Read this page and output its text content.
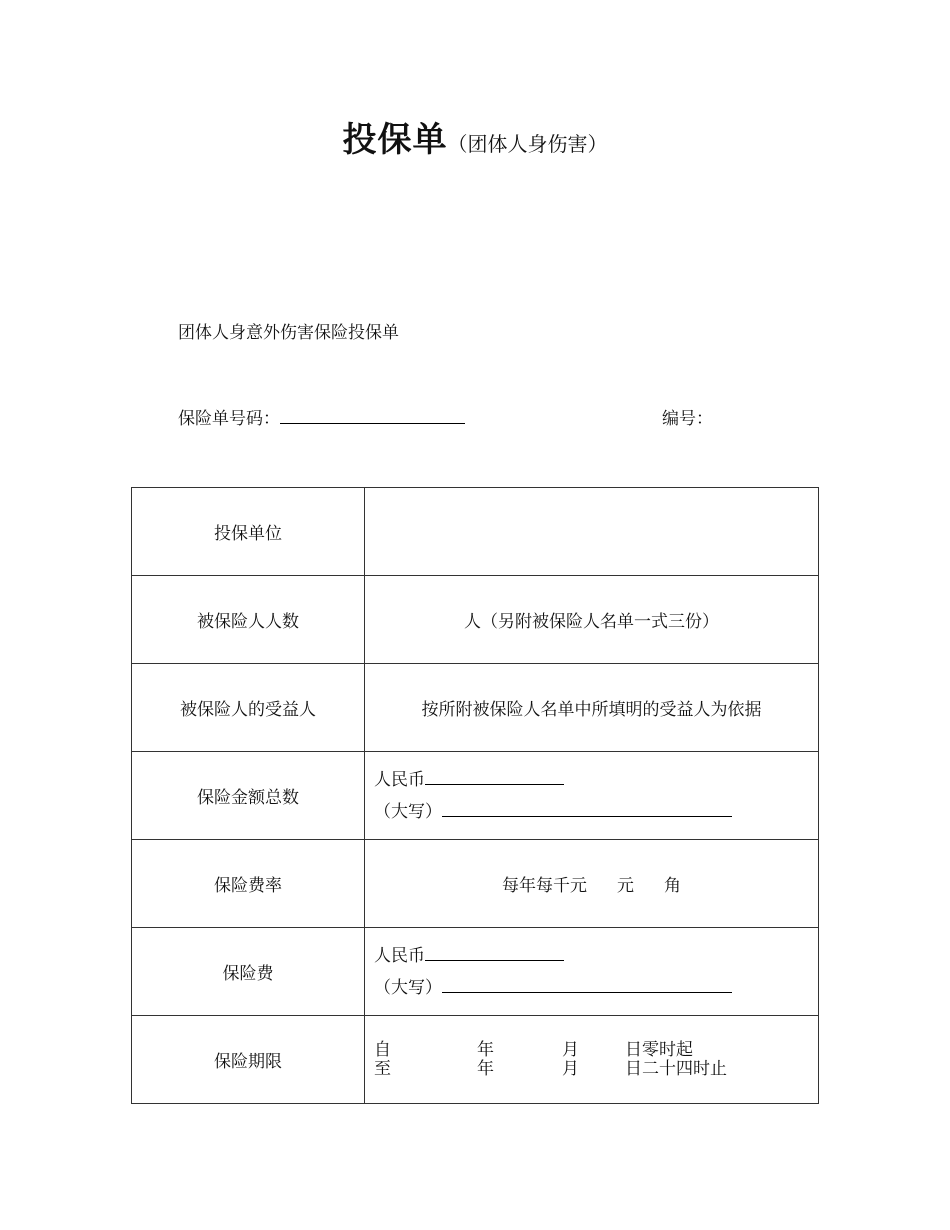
投保单（团体人身伤害）
团体人身意外伤害保险投保单
保险单号码：	编号：
投保单位	
被保险人人数	人（另附被保险人名单一式三份）
被保险人的受益人	按所附被保险人名单中所填明的受益人为依据
保险金额总数	人民币
（大写）

保险费率	每年每千元 元 角
保险费	人民币
（大写）

保险期限	自 年 月 日零时起
至 年 月 日二十四时止
